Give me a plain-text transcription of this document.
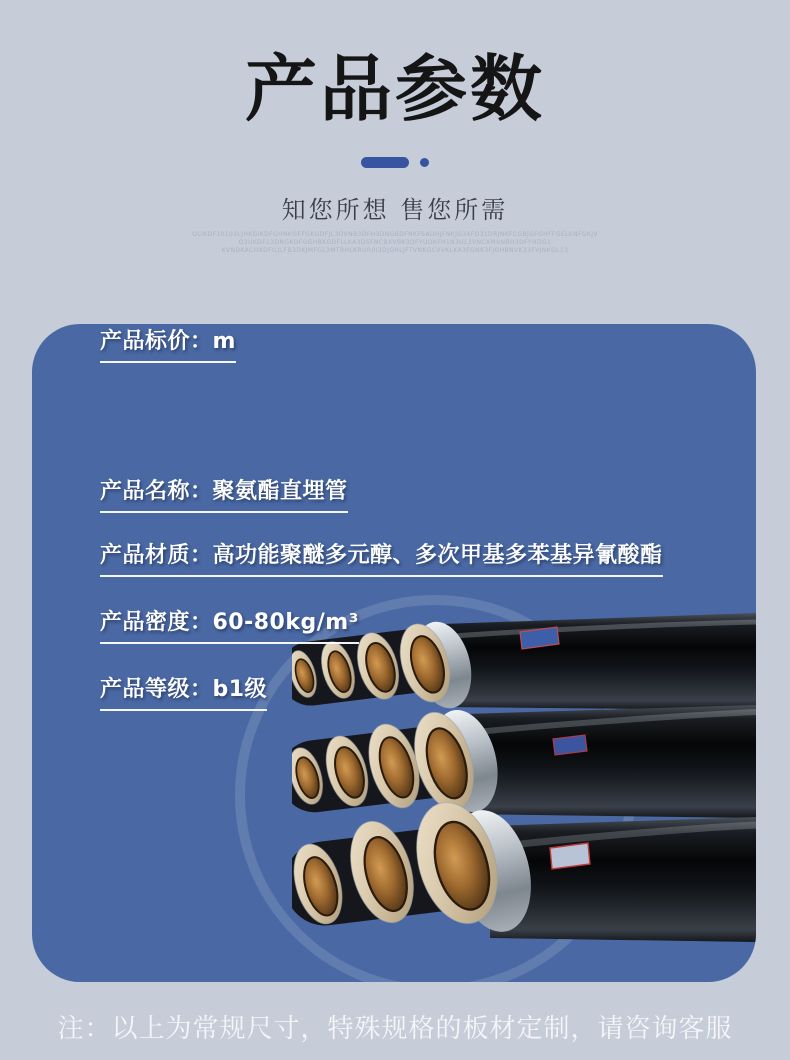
产品参数
知您所想 售您所需
OLIKDF10103LJHKGIKDFGHNKGEFGKGDFJL3DVNB3DFH3DNGBDFNKFSADHJFNKJG34FD31DRJNKFCGBJGFGHFFGELKNFGKJV
O3UKDF13DNGKDFGGHBKGDFLLKA3DSFNCBXVBK3DFYUOKFH1N3UL3VNCXMVNBH3DFYHDG1
KVNDKACHXDFILJLFB3DKJMFGL3MTRHLKRUR0I3DJGHLJFTVNKGCVVKLKA3FGNK3FJGHBNVK33FVJNKGL13
产品名称：聚氨酯直埋管
产品材质：高功能聚醚多元醇、多次甲基多苯基异氰酸酯
产品密度：60-80kg/m³
产品等级：b1级
产品标价：m
注：以上为常规尺寸，特殊规格的板材定制，请咨询客服
